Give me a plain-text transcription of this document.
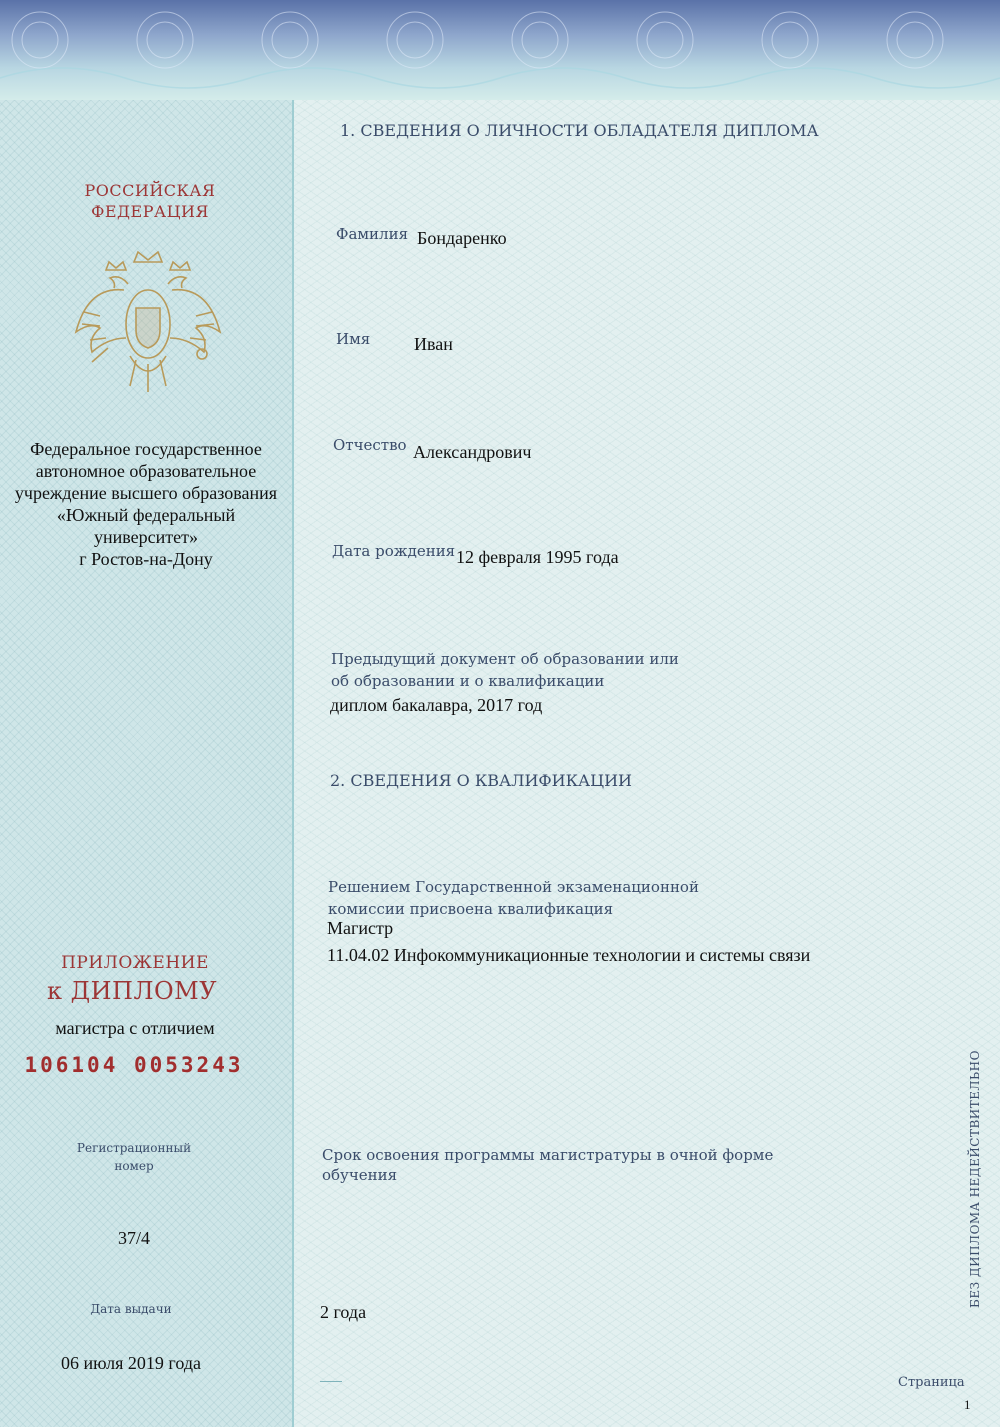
РОССИЙСКАЯ
ФЕДЕРАЦИЯ
Федеральное государственное
автономное образовательное
учреждение высшего образования
«Южный федеральный
университет»
г Ростов-на-Дону
ПРИЛОЖЕНИЕ
к ДИПЛОМУ
магистра с отличием
106104 0053243
Регистрационный
номер
37/4
Дата выдачи
06 июля 2019 года
1. СВЕДЕНИЯ О ЛИЧНОСТИ ОБЛАДАТЕЛЯ ДИПЛОМА
Фамилия Бондаренко
Имя Иван
Отчество Александрович
Дата рождения 12 февраля 1995 года
Предыдущий документ об образовании или
об образовании и о квалификации
диплом бакалавра, 2017 год
2. СВЕДЕНИЯ О КВАЛИФИКАЦИИ
Решением Государственной экзаменационной
комиссии присвоена квалификация
Магистр
11.04.02 Инфокоммуникационные технологии и системы связи
Срок освоения программы магистратуры в очной форме
обучения
2 года
БЕЗ ДИПЛОМА НЕДЕЙСТВИТЕЛЬНО
Страница
1
